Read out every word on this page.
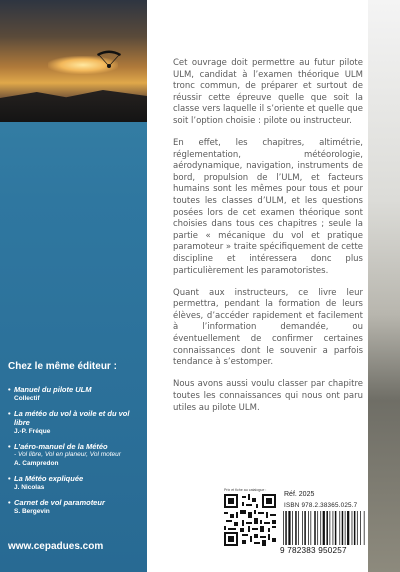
Chez le même éditeur :
• Manuel du pilote ULM
Collectif
• La météo du vol à voile et du vol libre
J.-P. Fréque
• L’aéro-manuel de la Météo
- Vol libre, Vol en planeur, Vol moteur
A. Campredon
• La Météo expliquée
J. Nicolas
• Carnet de vol paramoteur
S. Bergevin
www.cepadues.com

Cet ouvrage doit permettre au futur pilote ULM, candidat à l’examen théorique ULM tronc commun, de préparer et surtout de réussir cette épreuve quelle que soit la classe vers laquelle il s’oriente et quelle que soit l’option choisie : pilote ou instructeur.

En effet, les chapitres, altimétrie, réglementation, météorologie, aérodynamique, navigation, instruments de bord, propulsion de l’ULM, et facteurs humains sont les mêmes pour tous et pour toutes les classes d’ULM, et les questions posées lors de cet examen théorique sont choisies dans tous ces chapitres ; seule la partie « mécanique du vol et pratique paramoteur » traite spécifiquement de cette discipline et intéressera donc plus particulièrement les paramotoristes.

Quant aux instructeurs, ce livre leur permettra, pendant la formation de leurs élèves, d’accéder rapidement et facilement à l’information demandée, ou éventuellement de confirmer certaines connaissances dont le souvenir a parfois tendance à s’estomper.

Nous avons aussi voulu classer par chapitre toutes les connaissances qui nous ont paru utiles au pilote ULM.

Prix et fiche au catalogue :
Réf. 2025
ISBN 978.2.38365.025.7
9 782383 950257
